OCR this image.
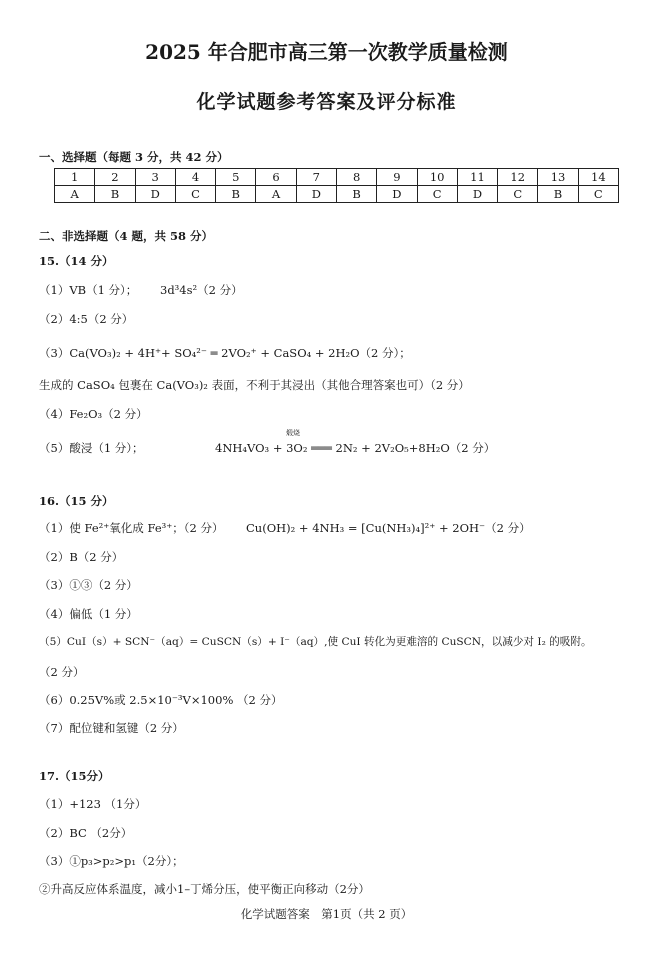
2025 年合肥市高三第一次教学质量检测
化学试题参考答案及评分标准
一、选择题（每题 3 分，共 42 分）
1	2	3	4	5	6	7	8	9	10	11	12	13	14
A	B	D	C	B	A	D	B	D	C	D	C	B	C
二、非选择题（4 题，共 58 分）
15.（14 分）
（1）VB（1 分）； 3d³4s²（2 分）
（2）4:5（2 分）
（3）Ca(VO₃)₂ + 4H⁺+ SO₄²⁻ ═ 2VO₂⁺ + CaSO₄ + 2H₂O（2 分）；
生成的 CaSO₄ 包裹在 Ca(VO₃)₂ 表面，不利于其浸出（其他合理答案也可）（2 分）
（4）Fe₂O₃（2 分）
（5）酸浸（1 分）；
煅烧
4NH₄VO₃ + 3O₂ ═══ 2N₂ + 2V₂O₅+8H₂O（2 分）
16.（15 分）
（1）使 Fe²⁺氧化成 Fe³⁺；（2 分） Cu(OH)₂ + 4NH₃ = [Cu(NH₃)₄]²⁺ + 2OH⁻（2 分）
（2）B（2 分）
（3）①③（2 分）
（4）偏低（1 分）
（5）CuI（s）+ SCN⁻（aq）= CuSCN（s）+ I⁻（aq）,使 CuI 转化为更难溶的 CuSCN，以减少对 I₂ 的吸附。
（2 分）
（6）0.25V%或 2.5×10⁻³V×100% （2 分）
（7）配位键和氢键（2 分）
17.（15分）
（1）+123 （1分）
（2）BC （2分）
（3）①p₃>p₂>p₁（2分）；
②升高反应体系温度，减小1–丁烯分压，使平衡正向移动（2分）
化学试题答案　第1页（共 2 页）
